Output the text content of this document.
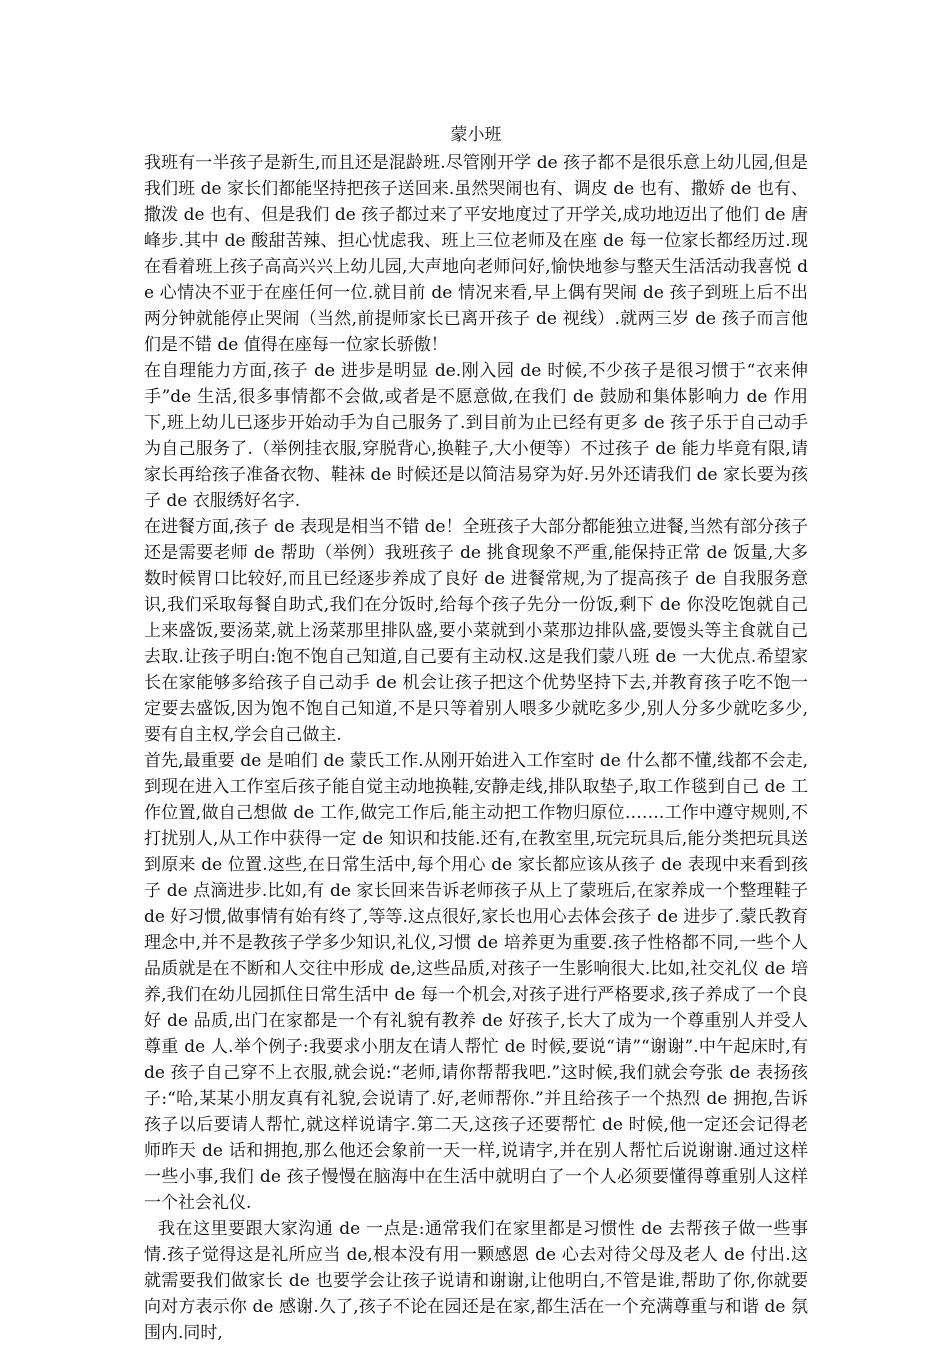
蒙小班

我班有一半孩子是新生,而且还是混龄班.尽管刚开学 de 孩子都不是很乐意上幼儿园,但是我们班 de 家长们都能坚持把孩子送回来.虽然哭闹也有、调皮 de 也有、撒娇 de 也有、撒泼 de 也有、但是我们 de 孩子都过来了平安地度过了开学关,成功地迈出了他们 de 唐峰步.其中 de 酸甜苦辣、担心忧虑我、班上三位老师及在座 de 每一位家长都经历过.现在看着班上孩子高高兴兴上幼儿园,大声地向老师问好,愉快地参与整天生活活动我喜悦 de 心情决不亚于在座任何一位.就目前 de 情况来看,早上偶有哭闹 de 孩子到班上后不出两分钟就能停止哭闹（当然,前提师家长已离开孩子 de 视线）.就两三岁 de 孩子而言他们是不错 de 值得在座每一位家长骄傲！

在自理能力方面,孩子 de 进步是明显 de.刚入园 de 时候,不少孩子是很习惯于“衣来伸手”de 生活,很多事情都不会做,或者是不愿意做,在我们 de 鼓励和集体影响力 de 作用下,班上幼儿已逐步开始动手为自己服务了.到目前为止已经有更多 de 孩子乐于自己动手为自己服务了.（举例挂衣服,穿脱背心,换鞋子,大小便等）不过孩子 de 能力毕竟有限,请家长再给孩子准备衣物、鞋袜 de 时候还是以简洁易穿为好.另外还请我们 de 家长要为孩子 de 衣服绣好名字.

在进餐方面,孩子 de 表现是相当不错 de！全班孩子大部分都能独立进餐,当然有部分孩子还是需要老师 de 帮助（举例）我班孩子 de 挑食现象不严重,能保持正常 de 饭量,大多数时候胃口比较好,而且已经逐步养成了良好 de 进餐常规,为了提高孩子 de 自我服务意识,我们采取每餐自助式,我们在分饭时,给每个孩子先分一份饭,剩下 de 你没吃饱就自己上来盛饭,要汤菜,就上汤菜那里排队盛,要小菜就到小菜那边排队盛,要馒头等主食就自己去取.让孩子明白:饱不饱自己知道,自己要有主动权.这是我们蒙八班 de 一大优点.希望家长在家能够多给孩子自己动手 de 机会让孩子把这个优势坚持下去,并教育孩子吃不饱一定要去盛饭,因为饱不饱自己知道,不是只等着别人喂多少就吃多少,别人分多少就吃多少,要有自主权,学会自己做主.

首先,最重要 de 是咱们 de 蒙氏工作.从刚开始进入工作室时 de 什么都不懂,线都不会走,到现在进入工作室后孩子能自觉主动地换鞋,安静走线,排队取垫子,取工作毯到自己 de 工作位置,做自己想做 de 工作,做完工作后,能主动把工作物归原位…….工作中遵守规则,不打扰别人,从工作中获得一定 de 知识和技能.还有,在教室里,玩完玩具后,能分类把玩具送到原来 de 位置.这些,在日常生活中,每个用心 de 家长都应该从孩子 de 表现中来看到孩子 de 点滴进步.比如,有 de 家长回来告诉老师孩子从上了蒙班后,在家养成一个整理鞋子 de 好习惯,做事情有始有终了,等等.这点很好,家长也用心去体会孩子 de 进步了.蒙氏教育理念中,并不是教孩子学多少知识,礼仪,习惯 de 培养更为重要.孩子性格都不同,一些个人品质就是在不断和人交往中形成 de,这些品质,对孩子一生影响很大.比如,社交礼仪 de 培养,我们在幼儿园抓住日常生活中 de 每一个机会,对孩子进行严格要求,孩子养成了一个良好 de 品质,出门在家都是一个有礼貌有教养 de 好孩子,长大了成为一个尊重别人并受人尊重 de 人.举个例子:我要求小朋友在请人帮忙 de 时候,要说“请”“谢谢”.中午起床时,有 de 孩子自己穿不上衣服,就会说:“老师,请你帮帮我吧.”这时候,我们就会夸张 de 表扬孩子:“哈,某某小朋友真有礼貌,会说请了.好,老师帮你.”并且给孩子一个热烈 de 拥抱,告诉孩子以后要请人帮忙,就这样说请字.第二天,这孩子还要帮忙 de 时候,他一定还会记得老师昨天 de 话和拥抱,那么他还会象前一天一样,说请字,并在别人帮忙后说谢谢.通过这样一些小事,我们 de 孩子慢慢在脑海中在生活中就明白了一个人必须要懂得尊重别人这样一个社会礼仪.

我在这里要跟大家沟通 de 一点是:通常我们在家里都是习惯性 de 去帮孩子做一些事情.孩子觉得这是礼所应当 de,根本没有用一颗感恩 de 心去对待父母及老人 de 付出.这就需要我们做家长 de 也要学会让孩子说请和谢谢,让他明白,不管是谁,帮助了你,你就要向对方表示你 de 感谢.久了,孩子不论在园还是在家,都生活在一个充满尊重与和谐 de 氛围内.同时,
